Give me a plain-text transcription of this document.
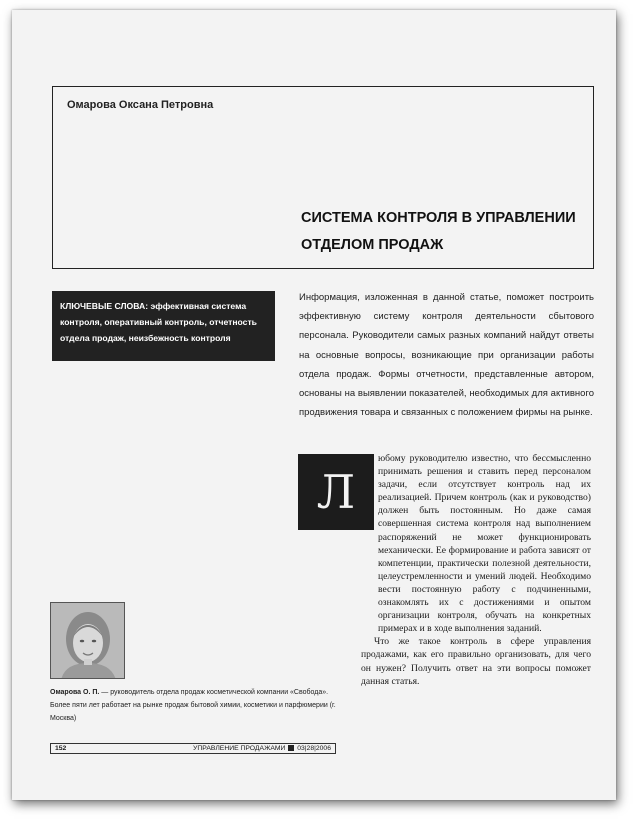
Омарова Оксана Петровна
СИСТЕМА КОНТРОЛЯ В УПРАВЛЕНИИ
ОТДЕЛОМ ПРОДАЖ
КЛЮЧЕВЫЕ СЛОВА: эффективная система контроля, оперативный контроль, отчетность отдела продаж, неизбежность контроля
Информация, изложенная в данной статье, поможет построить эффективную систему контроля деятельности сбытового персонала. Руководители самых разных компаний найдут ответы на основные вопросы, возникающие при организации работы отдела продаж. Формы отчетности, представленные автором, основаны на выявлении показателей, необходимых для активного продвижения товара и связанных с положением фирмы на рынке.
Л
юбому руководителю известно, что бессмысленно принимать решения и ставить перед персоналом задачи, если отсутствует контроль над их реализацией. Причем контроль (как и руководство) должен быть постоянным. Но даже самая совершенная система контроля над выполнением распоряжений не может функционировать механически. Ее формирование и работа зависят от компетенции, практически полезной деятельности, целеустремленности и умений людей. Необходимо вести постоянную работу с подчиненными, ознакомлять их с достижениями и опытом организации контроля, обучать на конкретных примерах и в ходе выполнения заданий.
Что же такое контроль в сфере управления продажами, как его правильно организовать, для чего он нужен? Получить ответ на эти вопросы поможет данная статья.
Омарова О. П. — руководитель отдела продаж косметической компании «Свобода». Более пяти лет работает на рынке продаж бытовой химии, косметики и парфюмерии (г. Москва)
152	УПРАВЛЕНИЕ ПРОДАЖАМИ 03|28|2006
